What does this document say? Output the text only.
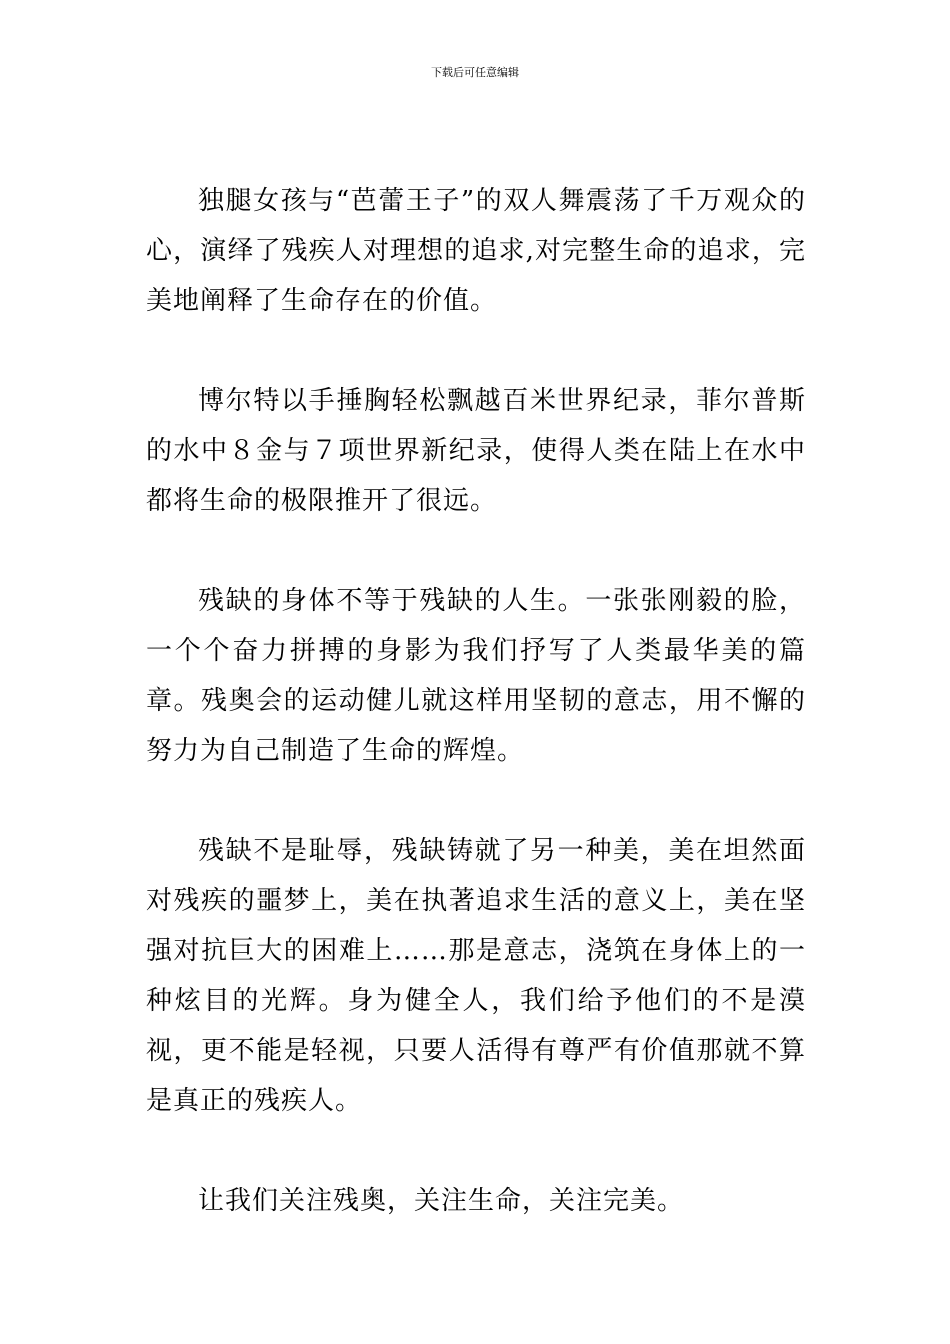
下载后可任意编辑

独腿女孩与“芭蕾王子”的双人舞震荡了千万观众的心，演绎了残疾人对理想的追求,对完整生命的追求，完美地阐释了生命存在的价值。

博尔特以手捶胸轻松飘越百米世界纪录，菲尔普斯的水中８金与７项世界新纪录，使得人类在陆上在水中都将生命的极限推开了很远。

残缺的身体不等于残缺的人生。一张张刚毅的脸，一个个奋力拼搏的身影为我们抒写了人类最华美的篇章。残奥会的运动健儿就这样用坚韧的意志，用不懈的努力为自己制造了生命的辉煌。

残缺不是耻辱，残缺铸就了另一种美，美在坦然面对残疾的噩梦上，美在执著追求生活的意义上，美在坚强对抗巨大的困难上……那是意志，浇筑在身体上的一种炫目的光辉。身为健全人，我们给予他们的不是漠视，更不能是轻视，只要人活得有尊严有价值那就不算是真正的残疾人。

让我们关注残奥，关注生命，关注完美。
